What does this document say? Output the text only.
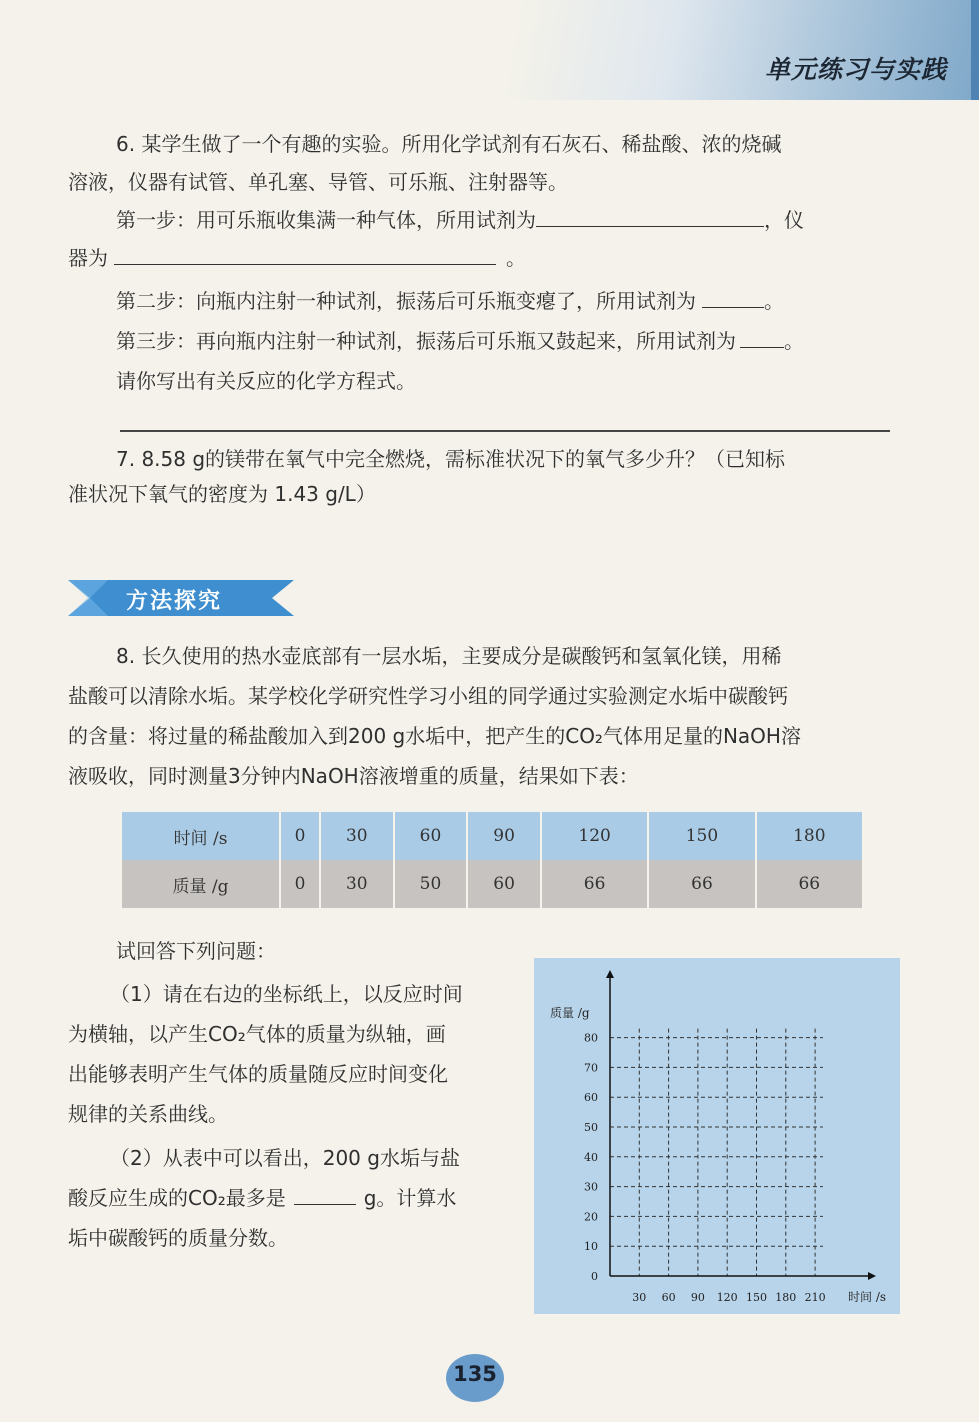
单元练习与实践
6. 某学生做了一个有趣的实验。所用化学试剂有石灰石、稀盐酸、浓的烧碱
溶液，仪器有试管、单孔塞、导管、可乐瓶、注射器等。
第一步：用可乐瓶收集满一种气体，所用试剂为	，仪
器为	。
第二步：向瓶内注射一种试剂，振荡后可乐瓶变瘪了，所用试剂为	。
第三步：再向瓶内注射一种试剂，振荡后可乐瓶又鼓起来，所用试剂为 。
请你写出有关反应的化学方程式。
7. 8.58 g的镁带在氧气中完全燃烧，需标准状况下的氧气多少升？（已知标
准状况下氧气的密度为 1.43 g/L）
方法探究
8. 长久使用的热水壶底部有一层水垢，主要成分是碳酸钙和氢氧化镁，用稀
盐酸可以清除水垢。某学校化学研究性学习小组的同学通过实验测定水垢中碳酸钙
的含量：将过量的稀盐酸加入到200 g水垢中，把产生的CO₂气体用足量的NaOH溶
液吸收，同时测量3分钟内NaOH溶液增重的质量，结果如下表：
时间 /s	0	30	60	90	120	150	180
质量 /g	0	30	50	60	66	66	66
试回答下列问题：
（1）请在右边的坐标纸上，以反应时间
为横轴，以产生CO₂气体的质量为纵轴，画
出能够表明产生气体的质量随反应时间变化
规律的关系曲线。
（2）从表中可以看出，200 g水垢与盐
酸反应生成的CO₂最多是	g。计算水
垢中碳酸钙的质量分数。
30 60 90 120 150 180 210
0
10
20
30
40
50
60
70
80
质量 /g
时间 /s
135
